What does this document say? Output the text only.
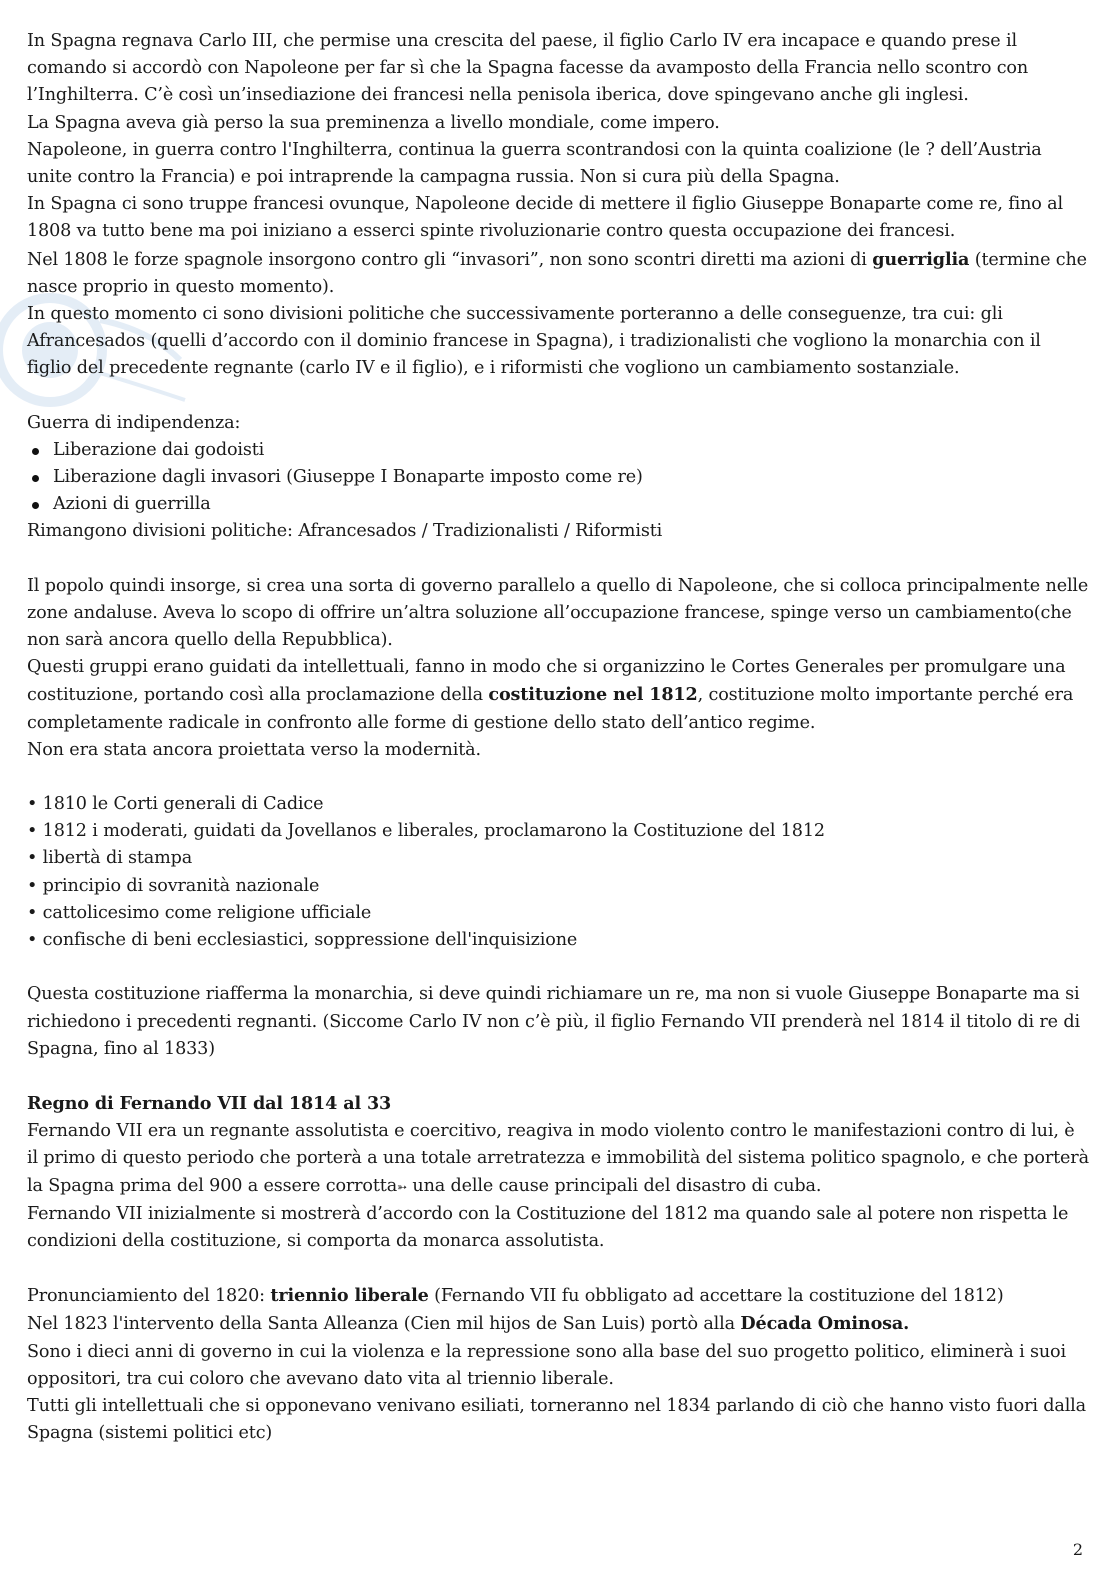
In Spagna regnava Carlo III, che permise una crescita del paese, il figlio Carlo IV era incapace e quando prese il comando si accordò con Napoleone per far sì che la Spagna facesse da avamposto della Francia nello scontro con l’Inghilterra. C’è così un’insediazione dei francesi nella penisola iberica, dove spingevano anche gli inglesi.

La Spagna aveva già perso la sua preminenza a livello mondiale, come impero.

Napoleone, in guerra contro l'Inghilterra, continua la guerra scontrandosi con la quinta coalizione (le ? dell’Austria unite contro la Francia) e poi intraprende la campagna russia. Non si cura più della Spagna.

In Spagna ci sono truppe francesi ovunque, Napoleone decide di mettere il figlio Giuseppe Bonaparte come re, fino al 1808 va tutto bene ma poi iniziano a esserci spinte rivoluzionarie contro questa occupazione dei francesi.

Nel 1808 le forze spagnole insorgono contro gli “invasori”, non sono scontri diretti ma azioni di guerriglia (termine che nasce proprio in questo momento).

In questo momento ci sono divisioni politiche che successivamente porteranno a delle conseguenze, tra cui: gli Afrancesados (quelli d’accordo con il dominio francese in Spagna), i tradizionalisti che vogliono la monarchia con il figlio del precedente regnante (carlo IV e il figlio), e i riformisti che vogliono un cambiamento sostanziale.

Guerra di indipendenza:

Liberazione dai godoisti
Liberazione dagli invasori (Giuseppe I Bonaparte imposto come re)
Azioni di guerrilla

Rimangono divisioni politiche: Afrancesados / Tradizionalisti / Riformisti

Il popolo quindi insorge, si crea una sorta di governo parallelo a quello di Napoleone, che si colloca principalmente nelle zone andaluse. Aveva lo scopo di offrire un’altra soluzione all’occupazione francese, spinge verso un cambiamento(che non sarà ancora quello della Repubblica).

Questi gruppi erano guidati da intellettuali, fanno in modo che si organizzino le Cortes Generales per promulgare una costituzione, portando così alla proclamazione della costituzione nel 1812, costituzione molto importante perché era completamente radicale in confronto alle forme di gestione dello stato dell’antico regime.

Non era stata ancora proiettata verso la modernità.

• 1810 le Corti generali di Cadice
• 1812 i moderati, guidati da Jovellanos e liberales, proclamarono la Costituzione del 1812
• libertà di stampa
• principio di sovranità nazionale
• cattolicesimo come religione ufficiale
• confische di beni ecclesiastici, soppressione dell'inquisizione

Questa costituzione riafferma la monarchia, si deve quindi richiamare un re, ma non si vuole Giuseppe Bonaparte ma si richiedono i precedenti regnanti. (Siccome Carlo IV non c’è più, il figlio Fernando VII prenderà nel 1814 il titolo di re di Spagna, fino al 1833)

Regno di Fernando VII dal 1814 al 33

Fernando VII era un regnante assolutista e coercitivo, reagiva in modo violento contro le manifestazioni contro di lui, è il primo di questo periodo che porterà a una totale arretratezza e immobilità del sistema politico spagnolo, e che porterà la Spagna prima del 900 a essere corrotta➳ una delle cause principali del disastro di cuba.

Fernando VII inizialmente si mostrerà d’accordo con la Costituzione del 1812 ma quando sale al potere non rispetta le condizioni della costituzione, si comporta da monarca assolutista.

Pronunciamiento del 1820: triennio liberale (Fernando VII fu obbligato ad accettare la costituzione del 1812)

Nel 1823 l'intervento della Santa Alleanza (Cien mil hijos de San Luis) portò alla Década Ominosa.

Sono i dieci anni di governo in cui la violenza e la repressione sono alla base del suo progetto politico, eliminerà i suoi oppositori, tra cui coloro che avevano dato vita al triennio liberale.

Tutti gli intellettuali che si opponevano venivano esiliati, torneranno nel 1834 parlando di ciò che hanno visto fuori dalla Spagna (sistemi politici etc)

2
